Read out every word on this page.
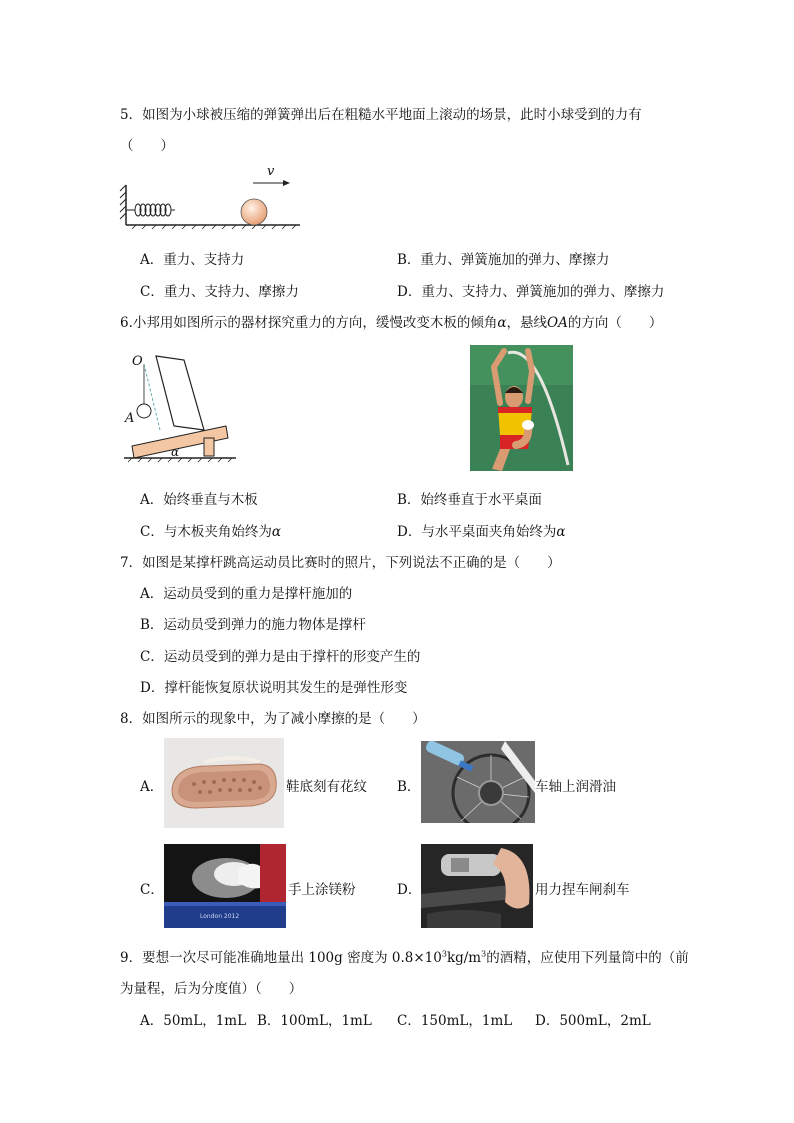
5．如图为小球被压缩的弹簧弹出后在粗糙水平地面上滚动的场景，此时小球受到的力有
（　　）
v
A．重力、支持力	B．重力、弹簧施加的弹力、摩擦力
C．重力、支持力、摩擦力	D．重力、支持力、弹簧施加的弹力、摩擦力
6.小邦用如图所示的器材探究重力的方向，缓慢改变木板的倾角α，悬线OA的方向（　　）
O
A
α
A．始终垂直与木板	B．始终垂直于水平桌面
C．与木板夹角始终为α	D．与水平桌面夹角始终为α
7．如图是某撑杆跳高运动员比赛时的照片，下列说法不正确的是（　　）
A．运动员受到的重力是撑杆施加的
B．运动员受到弹力的施力物体是撑杆
C．运动员受到的弹力是由于撑杆的形变产生的
D．撑杆能恢复原状说明其发生的是弹性形变
8．如图所示的现象中，为了减小摩擦的是（　　）
A．	鞋底刻有花纹 B．	车轴上润滑油
C．
London 2012
手上涂镁粉	D．	用力捏车闸刹车
9．要想一次尽可能准确地量出 100g 密度为 $0.8\times 10^3kg/m^3$的酒精，应使用下列量筒中的（前
为量程，后为分度值）（　　）
A．50mL，1mL B．100mL，1mL C．150mL，1mL D．500mL，2mL
